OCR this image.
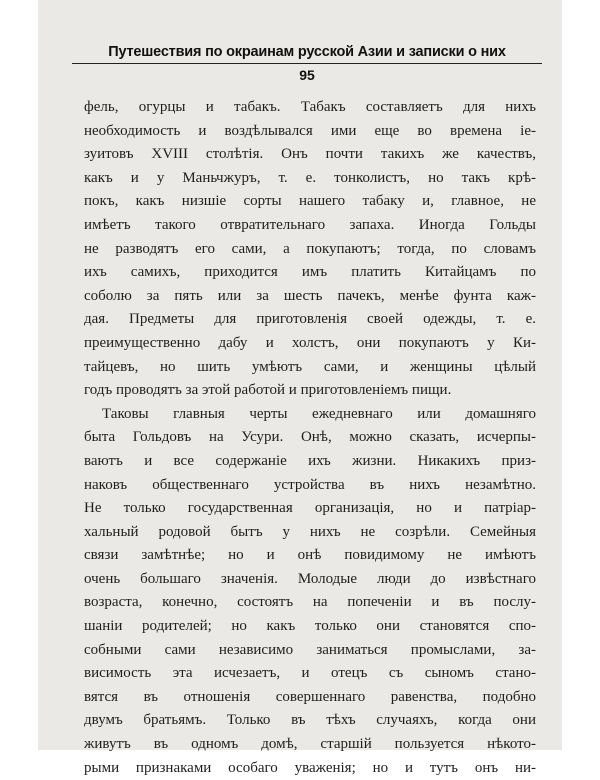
Путешествия по окраинам русской Азии и записки о них
95
фель, огурцы и табакъ. Табакъ составляетъ для нихъ
необходимость и воздѣлывался ими еще во времена ie-
зуитовъ XVIII столѣтія. Онъ почти такихъ же качествъ,
какъ и у Маньчжуръ, т. е. тонколистъ, но такъ крѣ-
покъ, какъ низшіе сорты нашего табаку и, главное, не
имѣетъ такого отвратительнаго запаха. Иногда Гольды
не разводятъ его сами, а покупаютъ; тогда, по словамъ
ихъ самихъ, приходится имъ платить Китайцамъ по
соболю за пять или за шесть пачекъ, менѣе фунта каж-
дая. Предметы для приготовленія своей одежды, т. е.
преимущественно дабу и холстъ, они покупаютъ у Ки-
тайцевъ, но шить умѣютъ сами, и женщины цѣлый
годъ проводятъ за этой работой и приготовленіемъ пищи.
Таковы главныя черты ежедневнаго или домашняго
быта Гольдовъ на Усури. Онѣ, можно сказать, исчерпы-
ваютъ и все содержаніе ихъ жизни. Никакихъ приз-
наковъ общественнаго устройства въ нихъ незамѣтно.
Не только государственная организація, но и патріар-
хальный родовой бытъ у нихъ не созрѣли. Семейныя
связи замѣтнѣе; но и онѣ повидимому не имѣютъ
очень большаго значенія. Молодые люди до извѣстнаго
возраста, конечно, состоятъ на попеченіи и въ послу-
шаніи родителей; но какъ только они становятся спо-
собными сами независимо заниматься промыслами, за-
висимость эта исчезаетъ, и отецъ съ сыномъ стано-
вятся въ отношенія совершеннаго равенства, подобно
двумъ братьямъ. Только въ тѣхъ случаяхъ, когда они
живутъ въ одномъ домѣ, старшій пользуется нѣкото-
рыми признаками особаго уваженія; но и тутъ онъ ни-
